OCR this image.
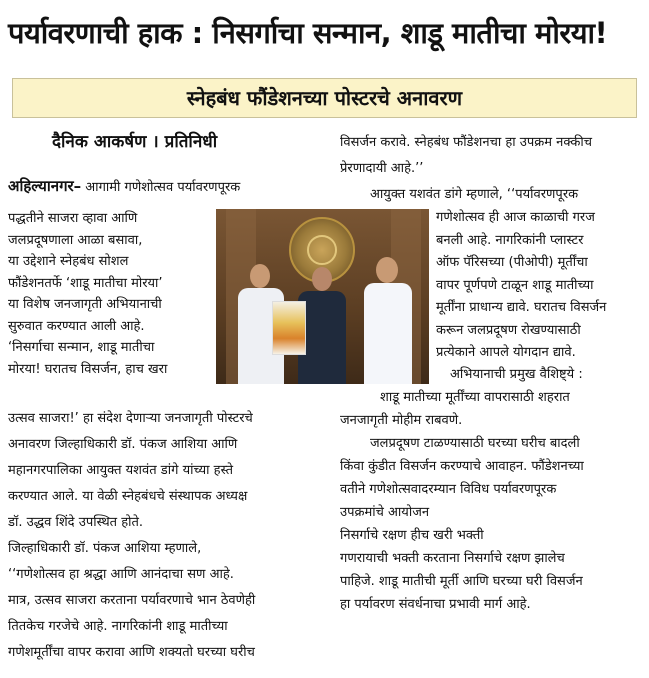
पर्यावरणाची हाक : निसर्गाचा सन्मान, शाडू मातीचा मोरया!
स्नेहबंध फौंडेशनच्या पोस्टरचे अनावरण
दैनिक आकर्षण । प्रतिनिधी
अहिल्यानगर– आगामी गणेशोत्सव पर्यावरणपूरक
पद्धतीने साजरा व्हावा आणि
जलप्रदूषणाला आळा बसावा,
या उद्देशाने स्नेहबंध सोशल
फौंडेशनतर्फे ‘शाडू मातीचा मोरया’
या विशेष जनजागृती अभियानाची
सुरुवात करण्यात आली आहे.
‘निसर्गाचा सन्मान, शाडू मातीचा
मोरया! घरातच विसर्जन, हाच खरा
उत्सव साजरा!’ हा संदेश देणाऱ्या जनजागृती पोस्टरचे
अनावरण जिल्हाधिकारी डॉ. पंकज आशिया आणि
महानगरपालिका आयुक्त यशवंत डांगे यांच्या हस्ते
करण्यात आले. या वेळी स्नेहबंधचे संस्थापक अध्यक्ष
डॉ. उद्धव शिंदे उपस्थित होते.
जिल्हाधिकारी डॉ. पंकज आशिया म्हणाले,
‘‘गणेशोत्सव हा श्रद्धा आणि आनंदाचा सण आहे.
मात्र, उत्सव साजरा करताना पर्यावरणाचे भान ठेवणेही
तितकेच गरजेचे आहे. नागरिकांनी शाडू मातीच्या
गणेशमूर्तींचा वापर करावा आणि शक्यतो घरच्या घरीच
विसर्जन करावे. स्नेहबंध फौंडेशनचा हा उपक्रम नक्कीच
प्रेरणादायी आहे.’’
आयुक्त यशवंत डांगे म्हणाले, ‘‘पर्यावरणपूरक
गणेशोत्सव ही आज काळाची गरज
बनली आहे. नागरिकांनी प्लास्टर
ऑफ पॅरिसच्या (पीओपी) मूर्तींचा
वापर पूर्णपणे टाळून शाडू मातीच्या
मूर्तींना प्राधान्य द्यावे. घरातच विसर्जन
करून जलप्रदूषण रोखण्यासाठी
प्रत्येकाने आपले योगदान द्यावे.
अभियानाची प्रमुख वैशिष्ट्ये :
शाडू मातीच्या मूर्तींच्या वापरासाठी शहरात
जनजागृती मोहीम राबवणे.
जलप्रदूषण टाळण्यासाठी घरच्या घरीच बादली
किंवा कुंडीत विसर्जन करण्याचे आवाहन. फौंडेशनच्या
वतीने गणेशोत्सवादरम्यान विविध पर्यावरणपूरक
उपक्रमांचे आयोजन
निसर्गाचे रक्षण हीच खरी भक्ती
गणरायाची भक्ती करताना निसर्गाचे रक्षण झालेच
पाहिजे. शाडू मातीची मूर्ती आणि घरच्या घरी विसर्जन
हा पर्यावरण संवर्धनाचा प्रभावी मार्ग आहे.
